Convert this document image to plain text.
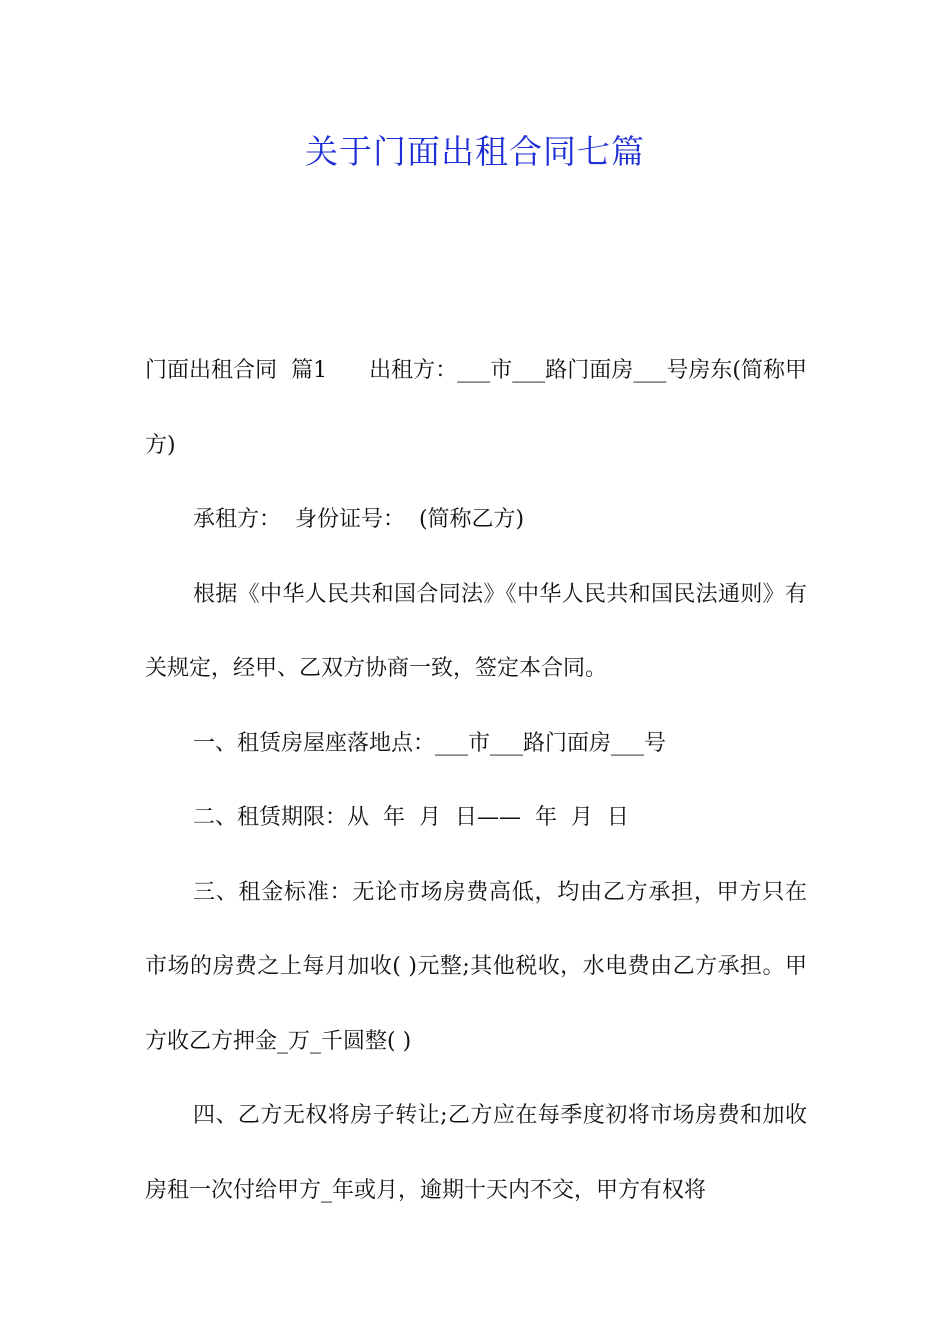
关于门面出租合同七篇

门面出租合同  篇1      出租方：___市___路门面房___号房东(简称甲方)

承租方：  身份证号：  (简称乙方)

根据《中华人民共和国合同法》《中华人民共和国民法通则》有关规定，经甲、乙双方协商一致，签定本合同。

一、租赁房屋座落地点：___市___路门面房___号

二、租赁期限：从  年  月  日——  年  月  日

三、租金标准：无论市场房费高低，均由乙方承担，甲方只在市场的房费之上每月加收( )元整;其他税收，水电费由乙方承担。甲方收乙方押金_万_千圆整( )

四、乙方无权将房子转让;乙方应在每季度初将市场房费和加收房租一次付给甲方_年或月，逾期十天内不交，甲方有权将
